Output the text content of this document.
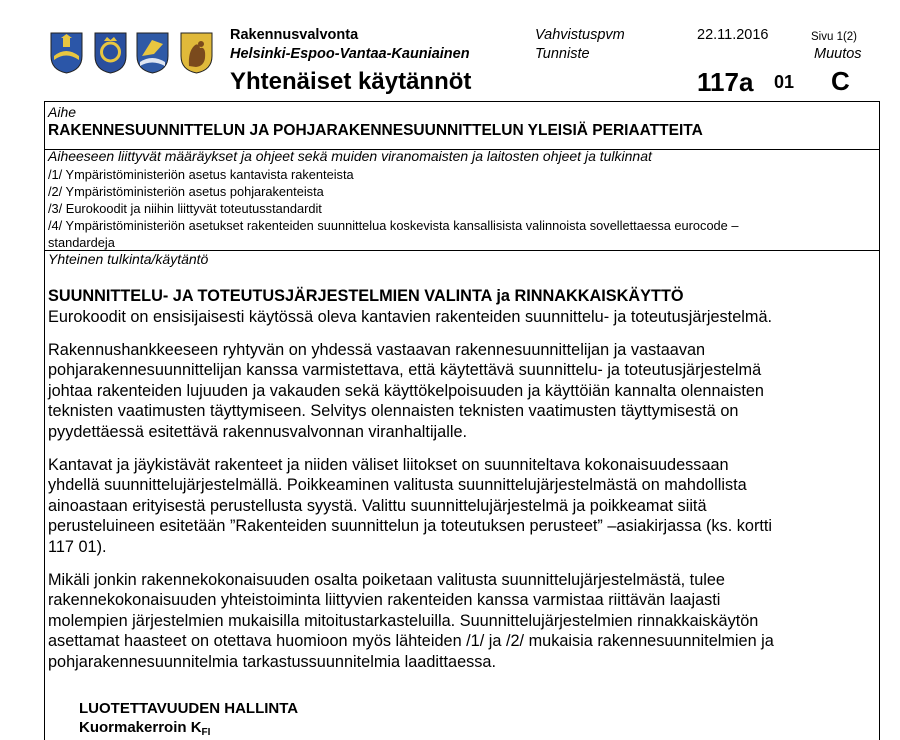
Rakennusvalvonta
Helsinki-Espoo-Vantaa-Kauniainen
Yhtenäiset käytännöt
Vahvistuspvm
Tunniste
22.11.2016	Sivu 1(2)
Muutos
117a 01 C
Aihe
RAKENNESUUNNITTELUN JA POHJARAKENNESUUNNITTELUN YLEISIÄ PERIAATTEITA
Aiheeseen liittyvät määräykset ja ohjeet sekä muiden viranomaisten ja laitosten ohjeet ja tulkinnat
/1/ Ympäristöministeriön asetus kantavista rakenteista
/2/ Ympäristöministeriön asetus pohjarakenteista
/3/ Eurokoodit ja niihin liittyvät toteutusstandardit
/4/ Ympäristöministeriön asetukset rakenteiden suunnittelua koskevista kansallisista valinnoista sovellettaessa eurocode –
standardeja
Yhteinen tulkinta/käytäntö
SUUNNITTELU- JA TOTEUTUSJÄRJESTELMIEN VALINTA ja RINNAKKAISKÄYTTÖ
Eurokoodit on ensisijaisesti käytössä oleva kantavien rakenteiden suunnittelu- ja toteutusjärjestelmä.
Rakennushankkeeseen ryhtyvän on yhdessä vastaavan rakennesuunnittelijan ja vastaavan
pohjarakennesuunnittelijan kanssa varmistettava, että käytettävä suunnittelu- ja toteutusjärjestelmä
johtaa rakenteiden lujuuden ja vakauden sekä käyttökelpoisuuden ja käyttöiän kannalta olennaisten
teknisten vaatimusten täyttymiseen. Selvitys olennaisten teknisten vaatimusten täyttymisestä on
pyydettäessä esitettävä rakennusvalvonnan viranhaltijalle.
Kantavat ja jäykistävät rakenteet ja niiden väliset liitokset on suunniteltava kokonaisuudessaan
yhdellä suunnittelujärjestelmällä. Poikkeaminen valitusta suunnittelujärjestelmästä on mahdollista
ainoastaan erityisestä perustellusta syystä. Valittu suunnittelujärjestelmä ja poikkeamat siitä
perusteluineen esitetään ”Rakenteiden suunnittelun ja toteutuksen perusteet” –asiakirjassa (ks. kortti
117 01).
Mikäli jonkin rakennekokonaisuuden osalta poiketaan valitusta suunnittelujärjestelmästä, tulee
rakennekokonaisuuden yhteistoiminta liittyvien rakenteiden kanssa varmistaa riittävän laajasti
molempien järjestelmien mukaisilla mitoitustarkasteluilla. Suunnittelujärjestelmien rinnakkaiskäytön
asettamat haasteet on otettava huomioon myös lähteiden /1/ ja /2/ mukaisia rakennesuunnitelmien ja
pohjarakennesuunnitelmia tarkastussuunnitelmia laadittaessa.
LUOTETTAVUUDEN HALLINTA
Kuormakerroin $K_{FI}$
